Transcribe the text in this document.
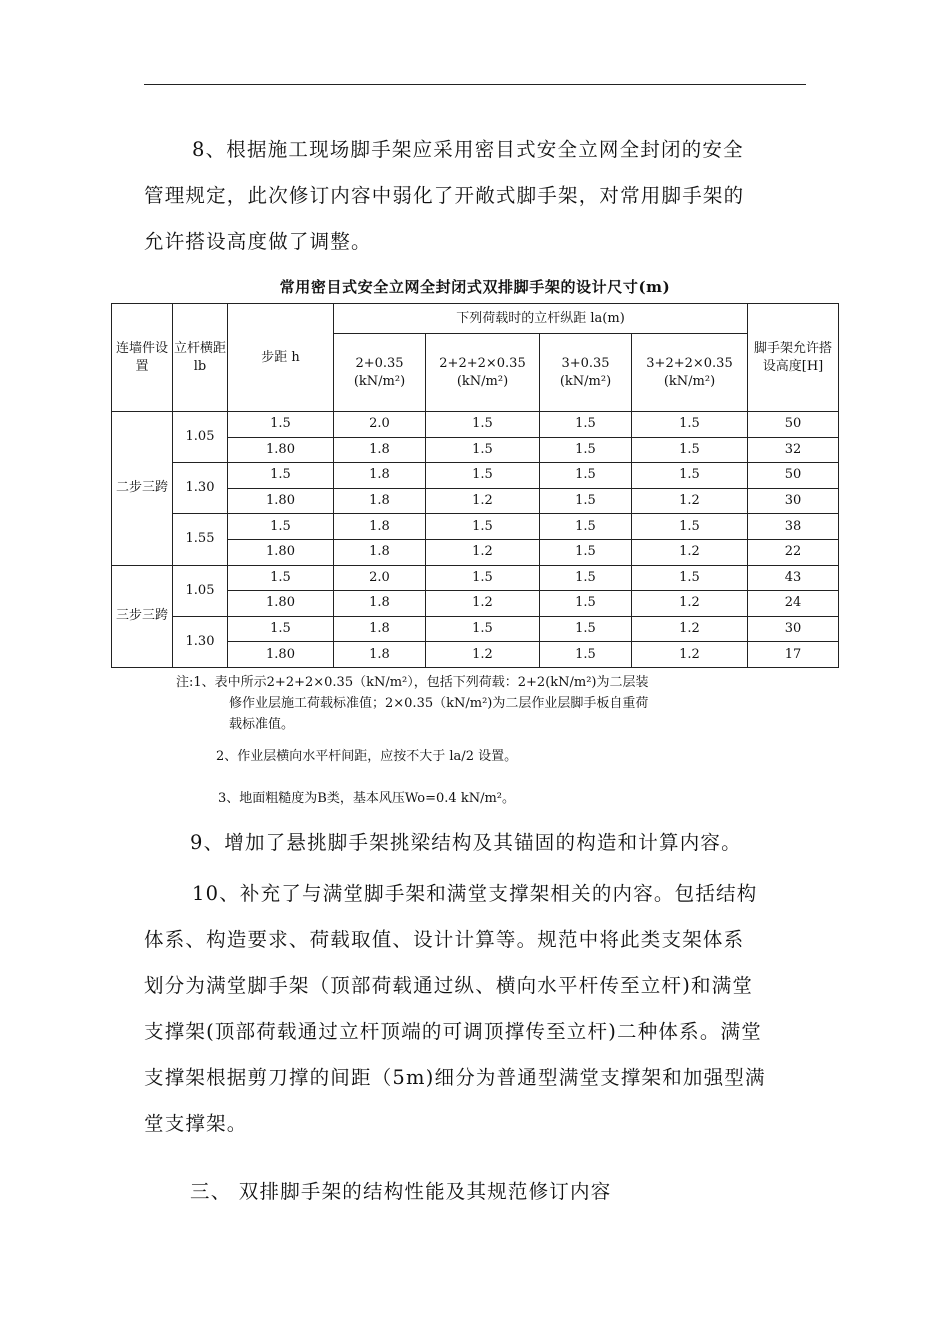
8、根据施工现场脚手架应采用密目式安全立网全封闭的安全
管理规定，此次修订内容中弱化了开敞式脚手架，对常用脚手架的
允许搭设高度做了调整。

常用密目式安全立网全封闭式双排脚手架的设计尺寸(m)

连墙件设置	立杆横距 lb	步距 h	下列荷载时的立杆纵距 la(m)				脚手架允许搭设高度[H]
			2+0.35 (kN/m²)	2+2+2×0.35 (kN/m²)	3+0.35 (kN/m²)	3+2+2×0.35 (kN/m²)	
二步三跨	1.05	1.5	2.0	1.5	1.5	1.5	50
		1.80	1.8	1.5	1.5	1.5	32
	1.30	1.5	1.8	1.5	1.5	1.5	50
		1.80	1.8	1.2	1.5	1.2	30
	1.55	1.5	1.8	1.5	1.5	1.5	38
		1.80	1.8	1.2	1.5	1.2	22
三步三跨	1.05	1.5	2.0	1.5	1.5	1.5	43
		1.80	1.8	1.2	1.5	1.2	24
	1.30	1.5	1.8	1.5	1.5	1.2	30
		1.80	1.8	1.2	1.5	1.2	17
注:1、表中所示2+2+2×0.35（kN/m²），包括下列荷载：2+2(kN/m²)为二层装
修作业层施工荷载标准值；2×0.35（kN/m²)为二层作业层脚手板自重荷
载标准值。

2、作业层横向水平杆间距，应按不大于 la/2 设置。

3、地面粗糙度为B类，基本风压Wo=0.4 kN/m²。

9、增加了悬挑脚手架挑梁结构及其锚固的构造和计算内容。

10、补充了与满堂脚手架和满堂支撑架相关的内容。包括结构
体系、构造要求、荷载取值、设计计算等。规范中将此类支架体系
划分为满堂脚手架（顶部荷载通过纵、横向水平杆传至立杆)和满堂
支撑架(顶部荷载通过立杆顶端的可调顶撑传至立杆)二种体系。满堂
支撑架根据剪刀撑的间距（5m)细分为普通型满堂支撑架和加强型满
堂支撑架。

三、 双排脚手架的结构性能及其规范修订内容
